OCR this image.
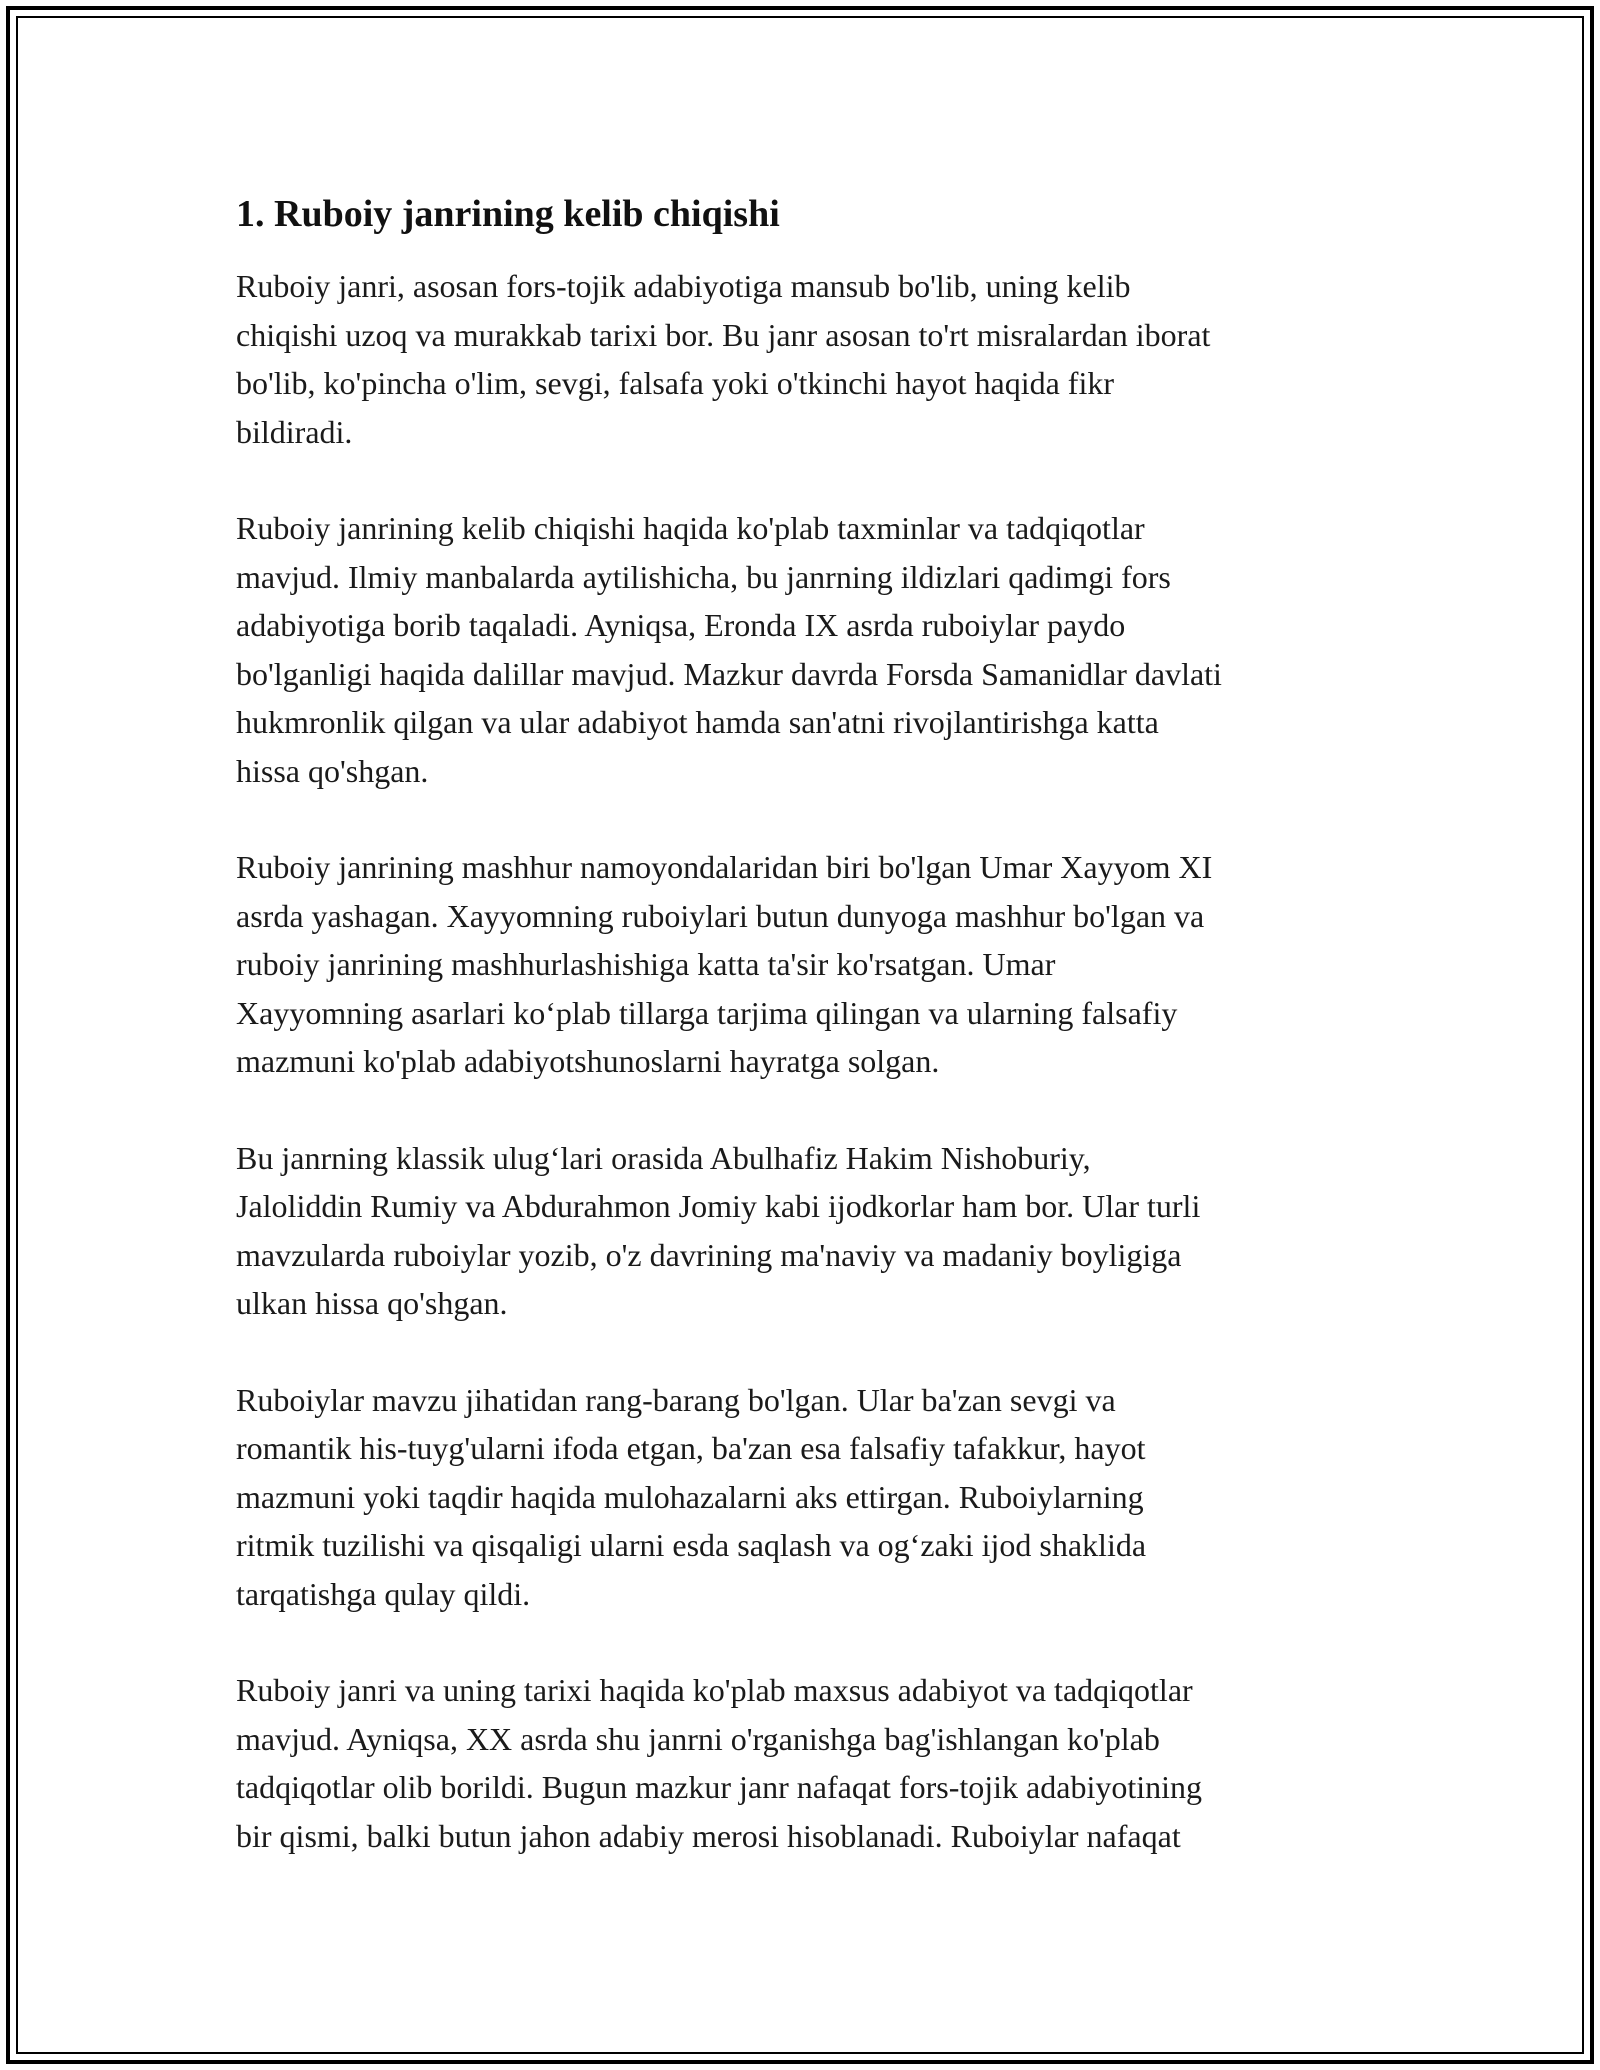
1. Ruboiy janrining kelib chiqishi

Ruboiy janri, asosan fors-tojik adabiyotiga mansub bo'lib, uning kelib
chiqishi uzoq va murakkab tarixi bor. Bu janr asosan to'rt misralardan iborat
bo'lib, ko'pincha o'lim, sevgi, falsafa yoki o'tkinchi hayot haqida fikr
bildiradi.

Ruboiy janrining kelib chiqishi haqida ko'plab taxminlar va tadqiqotlar
mavjud. Ilmiy manbalarda aytilishicha, bu janrning ildizlari qadimgi fors
adabiyotiga borib taqaladi. Ayniqsa, Eronda IX asrda ruboiylar paydo
bo'lganligi haqida dalillar mavjud. Mazkur davrda Forsda Samanidlar davlati
hukmronlik qilgan va ular adabiyot hamda san'atni rivojlantirishga katta
hissa qo'shgan.

Ruboiy janrining mashhur namoyondalaridan biri bo'lgan Umar Xayyom XI
asrda yashagan. Xayyomning ruboiylari butun dunyoga mashhur bo'lgan va
ruboiy janrining mashhurlashishiga katta ta'sir ko'rsatgan. Umar
Xayyomning asarlari ko‘plab tillarga tarjima qilingan va ularning falsafiy
mazmuni ko'plab adabiyotshunoslarni hayratga solgan.

Bu janrning klassik ulug‘lari orasida Abulhafiz Hakim Nishoburiy,
Jaloliddin Rumiy va Abdurahmon Jomiy kabi ijodkorlar ham bor. Ular turli
mavzularda ruboiylar yozib, o'z davrining ma'naviy va madaniy boyligiga
ulkan hissa qo'shgan.

Ruboiylar mavzu jihatidan rang-barang bo'lgan. Ular ba'zan sevgi va
romantik his-tuyg'ularni ifoda etgan, ba'zan esa falsafiy tafakkur, hayot
mazmuni yoki taqdir haqida mulohazalarni aks ettirgan. Ruboiylarning
ritmik tuzilishi va qisqaligi ularni esda saqlash va og‘zaki ijod shaklida
tarqatishga qulay qildi.

Ruboiy janri va uning tarixi haqida ko'plab maxsus adabiyot va tadqiqotlar
mavjud. Ayniqsa, XX asrda shu janrni o'rganishga bag'ishlangan ko'plab
tadqiqotlar olib borildi. Bugun mazkur janr nafaqat fors-tojik adabiyotining
bir qismi, balki butun jahon adabiy merosi hisoblanadi. Ruboiylar nafaqat
